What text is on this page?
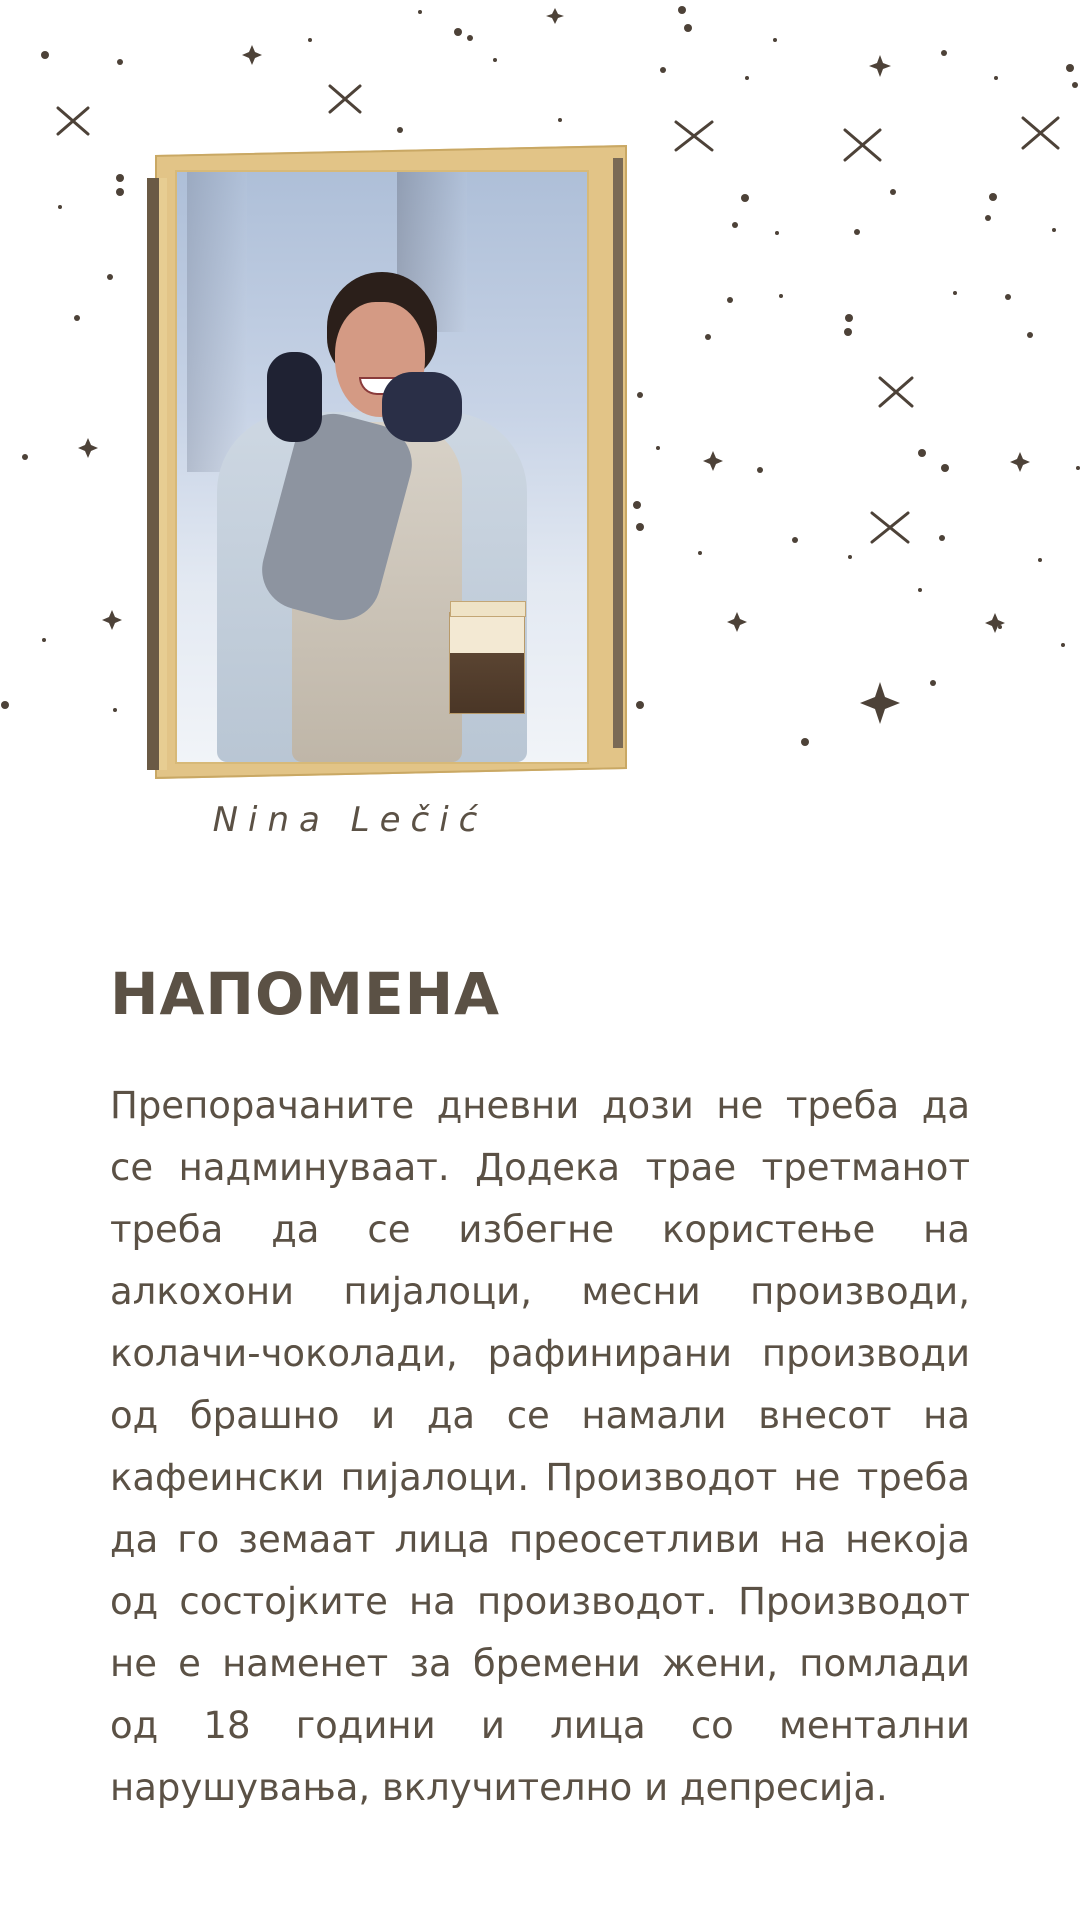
Nina Lečić
НАПОМЕНА

Препорачаните дневни дози не треба да се надминуваат. Додека трае третманот треба да се избегне користење на алкохони пијалоци, месни производи, колачи-чоколади, рафинирани производи од брашно и да се намали внесот на кафеински пијалоци. Производот не треба да го земаат лица преосетливи на некоја од состојките на производот. Производот не е наменет за бремени жени, помлади од 18 години и лица со ментални нарушувања, вклучително и депресија.
